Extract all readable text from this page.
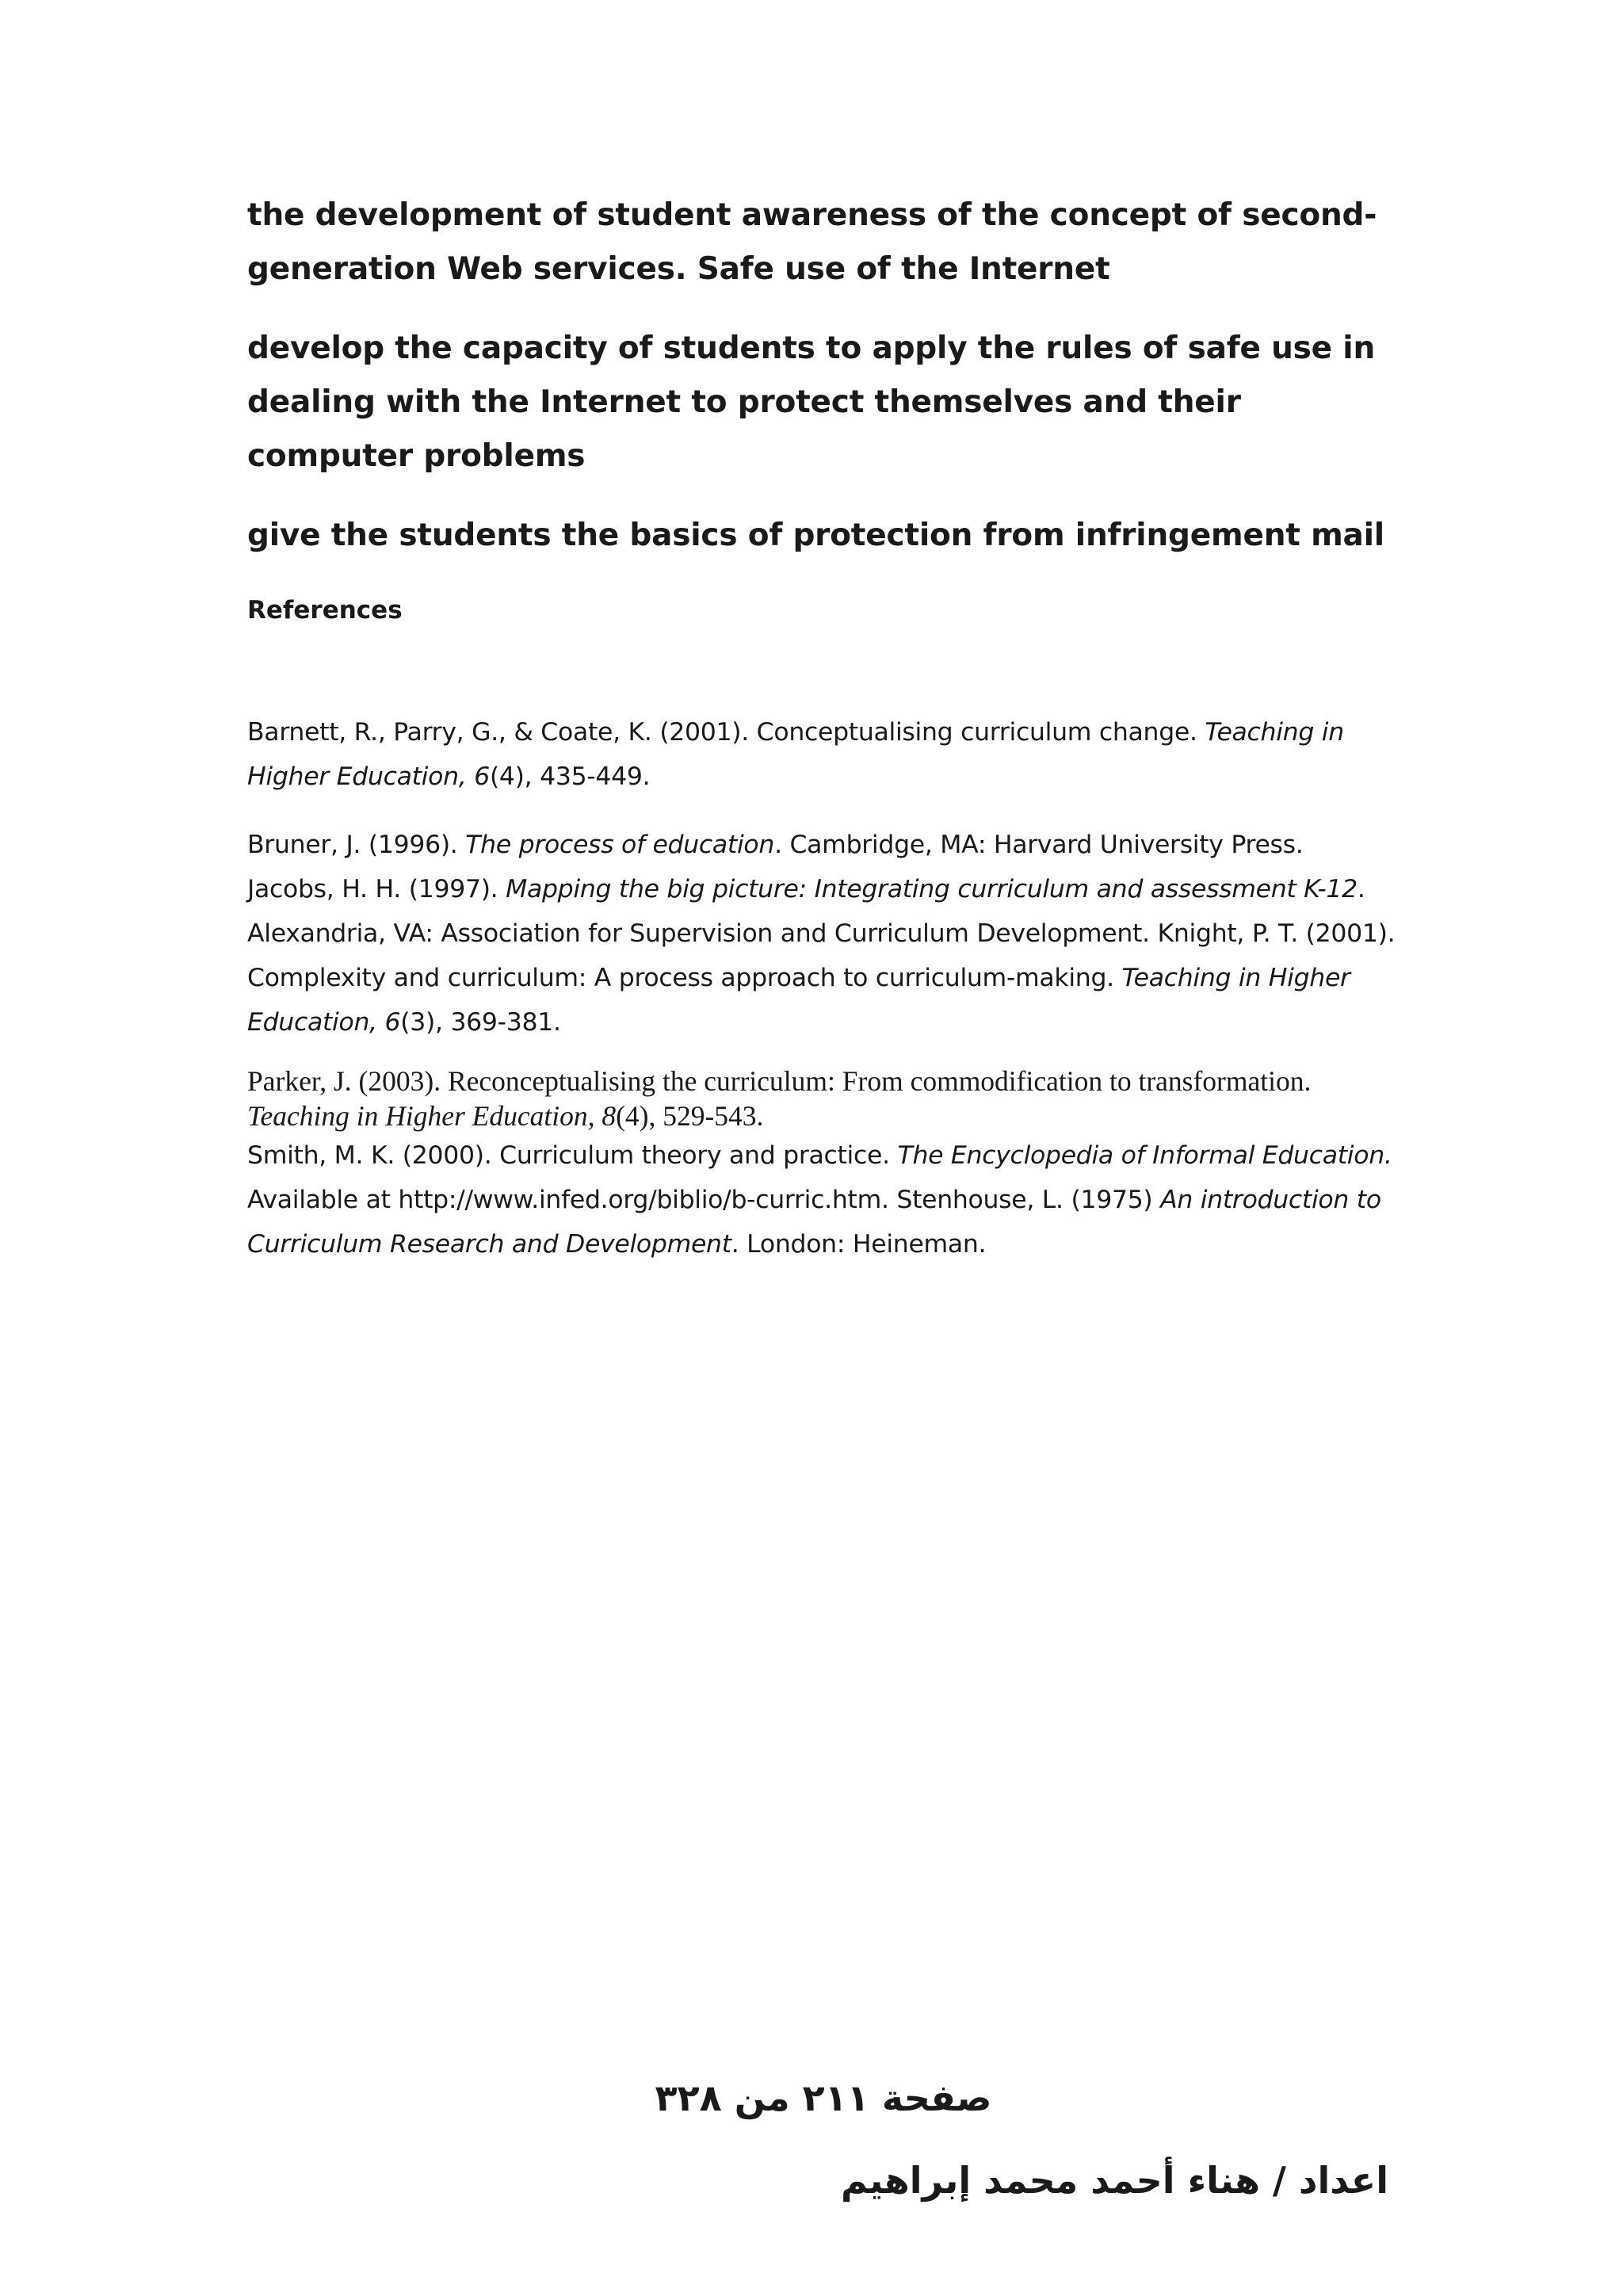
the development of student awareness of the concept of second-generation Web services. Safe use of the Internet

develop the capacity of students to apply the rules of safe use in dealing with the Internet to protect themselves and their computer problems

give the students the basics of protection from infringement mail

References

Barnett, R., Parry, G., & Coate, K. (2001). Conceptualising curriculum change. Teaching in Higher Education, 6(4), 435-449.

Bruner, J. (1996). The process of education. Cambridge, MA: Harvard University Press. Jacobs, H. H. (1997). Mapping the big picture: Integrating curriculum and assessment K-12. Alexandria, VA: Association for Supervision and Curriculum Development. Knight, P. T. (2001). Complexity and curriculum: A process approach to curriculum-making. Teaching in Higher Education, 6(3), 369-381.

Parker, J. (2003). Reconceptualising the curriculum: From commodification to transformation. Teaching in Higher Education, 8(4), 529-543.

Smith, M. K. (2000). Curriculum theory and practice. The Encyclopedia of Informal Education. Available at http://www.infed.org/biblio/b-curric.htm. Stenhouse, L. (1975) An introduction to Curriculum Research and Development. London: Heineman.

صفحة ٢١١ من ٣٢٨
اعداد / هناء أحمد محمد إبراهيم
